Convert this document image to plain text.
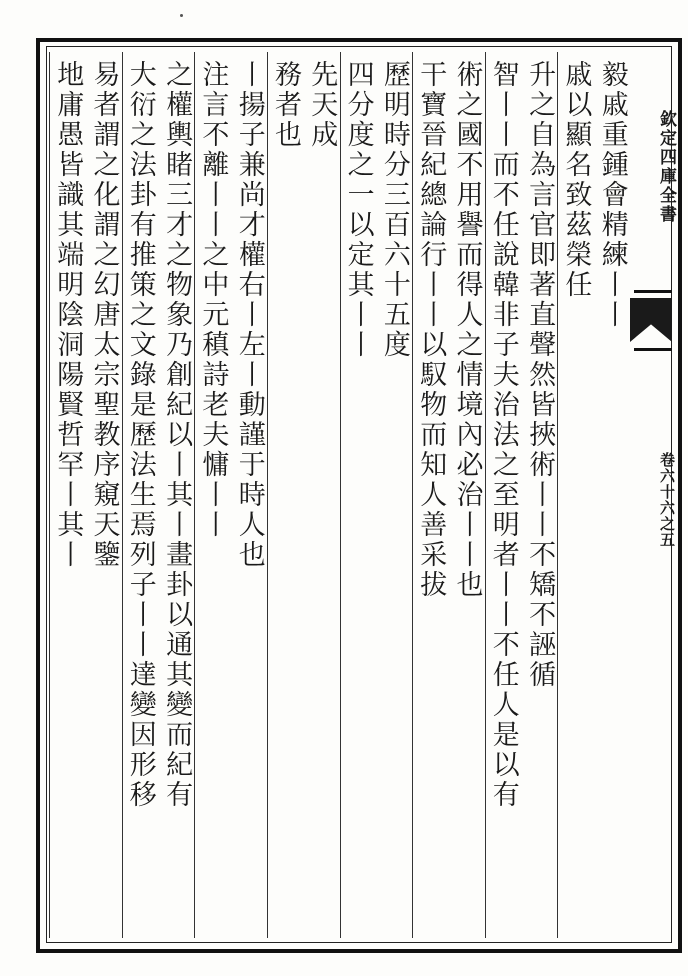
欽定四庫全書
卷六十六之五
毅戚重鍾會精練丨丨
戚以顯名致茲榮任
升之自為言官即著直聲然皆挾術丨丨不矯不誣循
智丨丨而不任說韓非子夫治法之至明者丨丨不任人是以有
術之國不用譽而得人之情境內必治丨丨也
干寶晉紀總論行丨丨以馭物而知人善采拔
歷明時分三百六十五度
四分度之一以定其丨丨
先天成
務者也
丨揚子兼尚才權右丨左丨動謹于時人也
注言不離丨丨之中元稹詩老夫慵丨丨
之權輿睹三才之物象乃創紀以丨其丨畫卦以通其變而紀有
大衍之法卦有推策之文錄是歷法生焉列子丨丨達變因形移
易者謂之化謂之幻唐太宗聖教序窺天鑒
地庸愚皆識其端明陰洞陽賢哲罕丨其丨
